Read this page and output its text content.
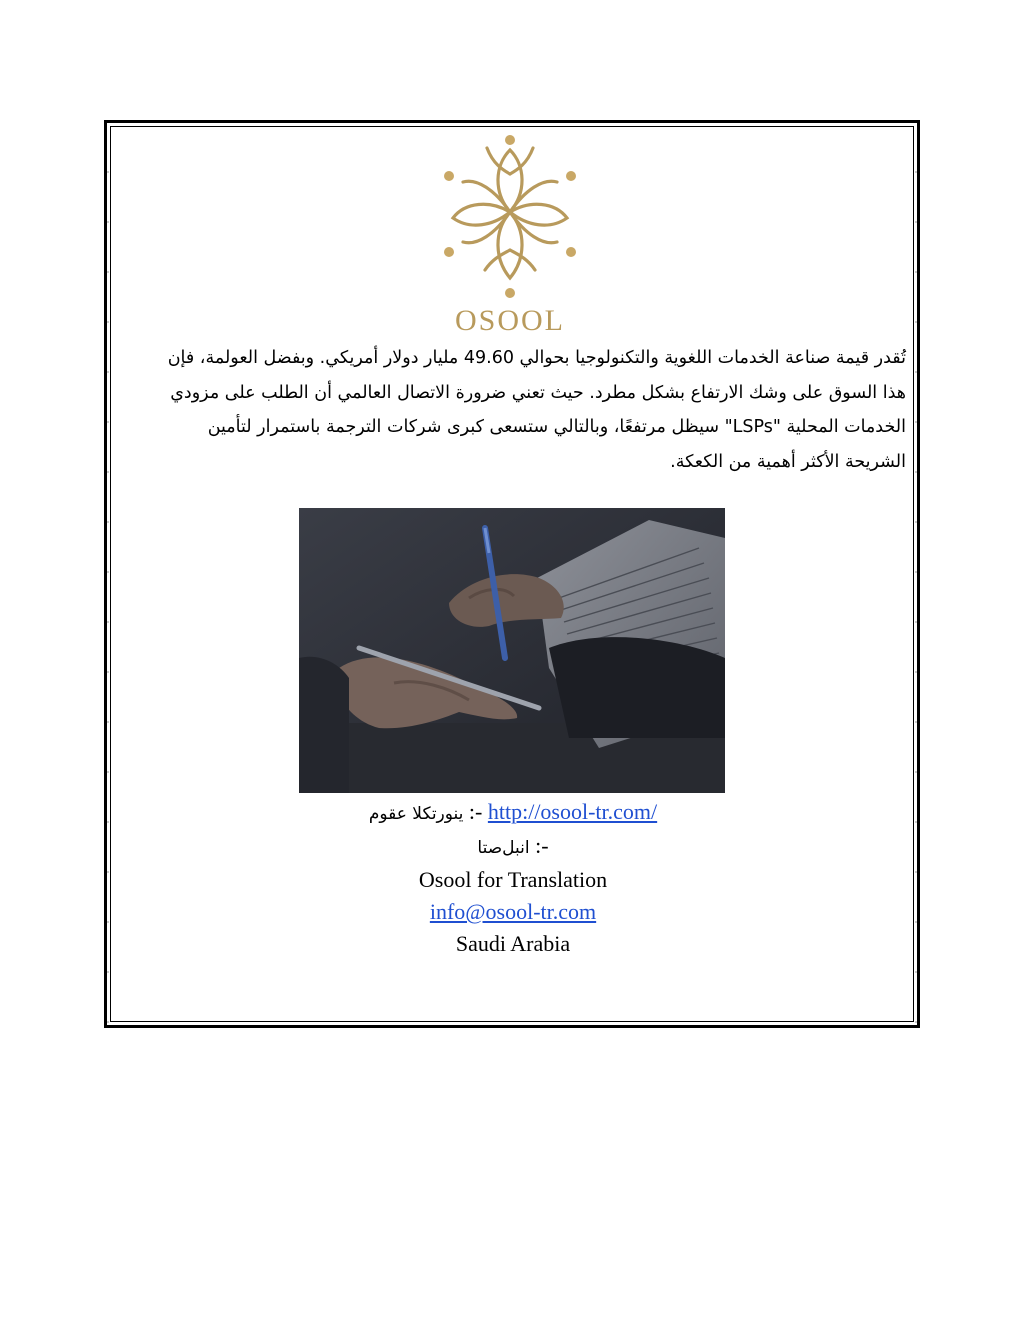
OSOOL
تُقدر قيمة صناعة الخدمات اللغوية والتكنولوجيا بحوالي 49.60 مليار دولار أمريكي. وبفضل العولمة، فإن
هذا السوق على وشك الارتفاع بشكل مطرد. حيث تعني ضرورة الاتصال العالمي أن الطلب على مزودي
الخدمات المحلية "LSPs" سيظل مرتفعًا، وبالتالي ستسعى كبرى شركات الترجمة باستمرار لتأمين
الشريحة الأكثر أهمية من الكعكة.
ينورتكلا عقوم :- http://osool-tr.com/
انبل‌صتا :-
Osool for Translation
info@osool-tr.com
Saudi Arabia
